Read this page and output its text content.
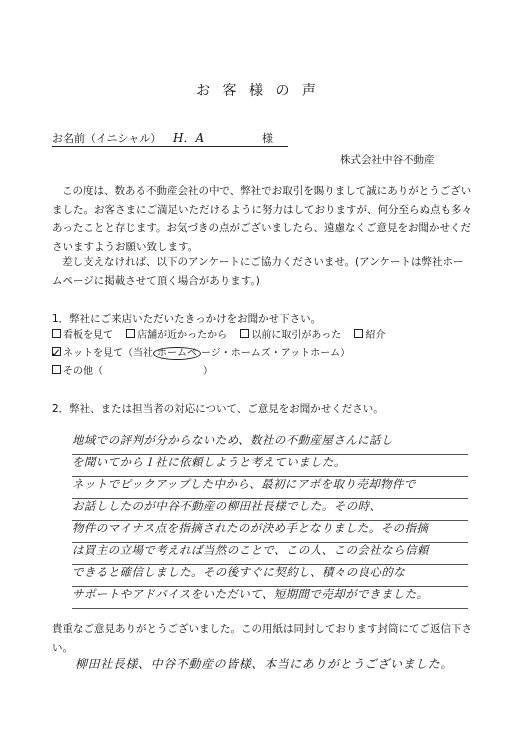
お 客 様 の 声
お名前（イニシャル） H．A	様
株式会社中谷不動産
この度は、数ある不動産会社の中で、弊社でお取引を賜りまして誠にありがとうございました。お客さまにご満足いただけるように努力はしておりますが、何分至らぬ点も多々あったことと存じます。お気づきの点がございましたら、遠慮なくご意見をお聞かせくださいますようお願い致します。
差し支えなければ、以下のアンケートにご協力くださいませ。(アンケートは弊社ホームページに掲載させて頂く場合があります。)
1．弊社にご来店いただいたきっかけをお聞かせ下さい。
看板を見て 店舗が近かったから 以前に取引があった 紹介
✓ ネットを見て（当社 ホームペ ージ・ホームズ・アットホーム）
その他（	）
2．弊社、または担当者の対応について、ご意見をお聞かせください。
地域での評判が分からないため、数社の不動産屋さんに話し
を聞いてから１社に依頼しようと考えていました。
ネットでピックアップした中から、最初にアポを取り売却物件で
お話ししたのが中谷不動産の柳田社長様でした。その時、
物件のマイナス点を指摘されたのが決め手となりました。その指摘
は買主の立場で考えれば当然のことで、この人、この会社なら信頼
できると確信しました。その後すぐに契約し、積々の良心的な
サポートやアドバイスをいただいて、短期間で売却ができました。
貴重なご意見ありがとうございました。この用紙は同封しております封筒にてご返信下さい。
柳田社長様、中谷不動産の皆様、本当にありがとうございました。
